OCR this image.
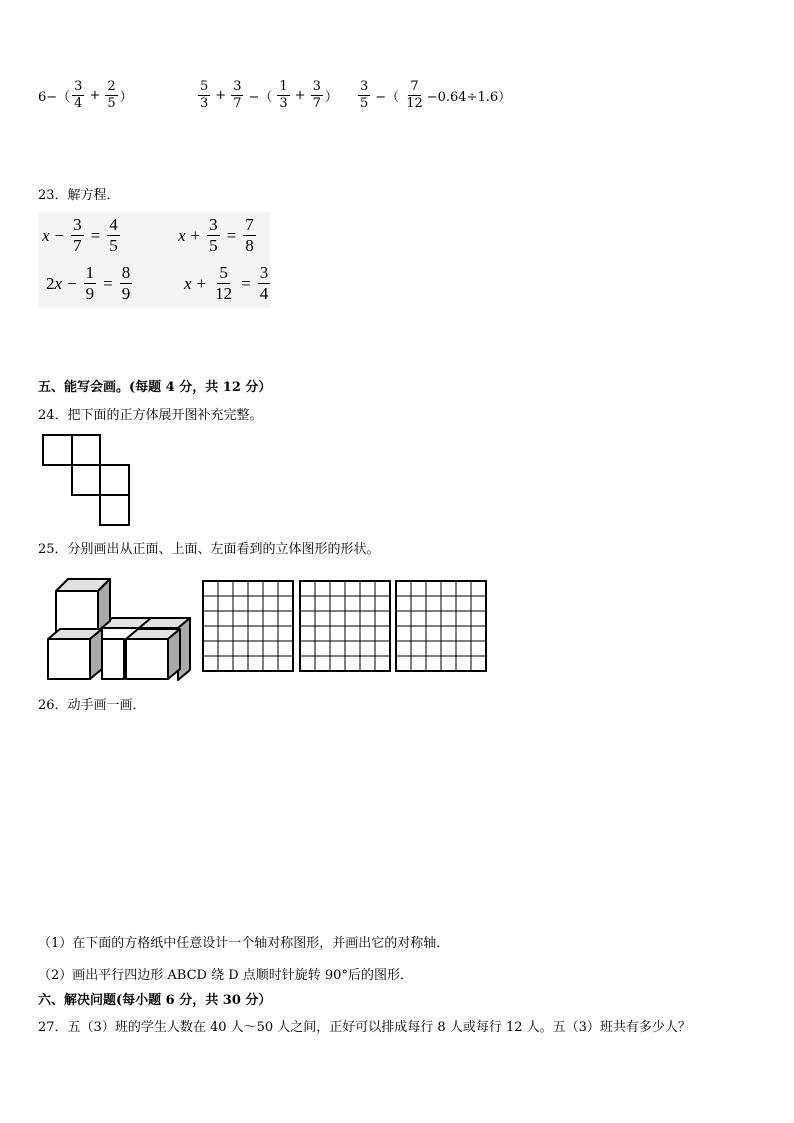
$6-( \frac{3}{4} + \frac{2}{5}$ ）	$\frac{5}{3} + \frac{3}{7}$ −（ $\frac{1}{3} + \frac{3}{7}$ ） $\frac{3}{5}$ −（ $\frac{7}{12} -0.64\div 1.6$）
23．解方程．
$x - \frac{3}{7} = \frac{4}{5}$	$x + \frac{3}{5} = \frac{7}{8}$
2 $x - \frac{1}{9} = \frac{8}{9}$	$x + \frac{5}{12} = \frac{3}{4}$
五、能写会画。(每题 4 分，共 12 分）
24．把下面的正方体展开图补充完整。
25．分别画出从正面、上面、左面看到的立体图形的形状。
26．动手画一画．
（1）在下面的方格纸中任意设计一个轴对称图形，并画出它的对称轴．
（2）画出平行四边形 ABCD 绕 D 点顺时针旋转 90°后的图形．
六、解决问题(每小题 6 分，共 30 分）
27．五（3）班的学生人数在 40 人～50 人之间，正好可以排成每行 8 人或每行 12 人。五（3）班共有多少人？
